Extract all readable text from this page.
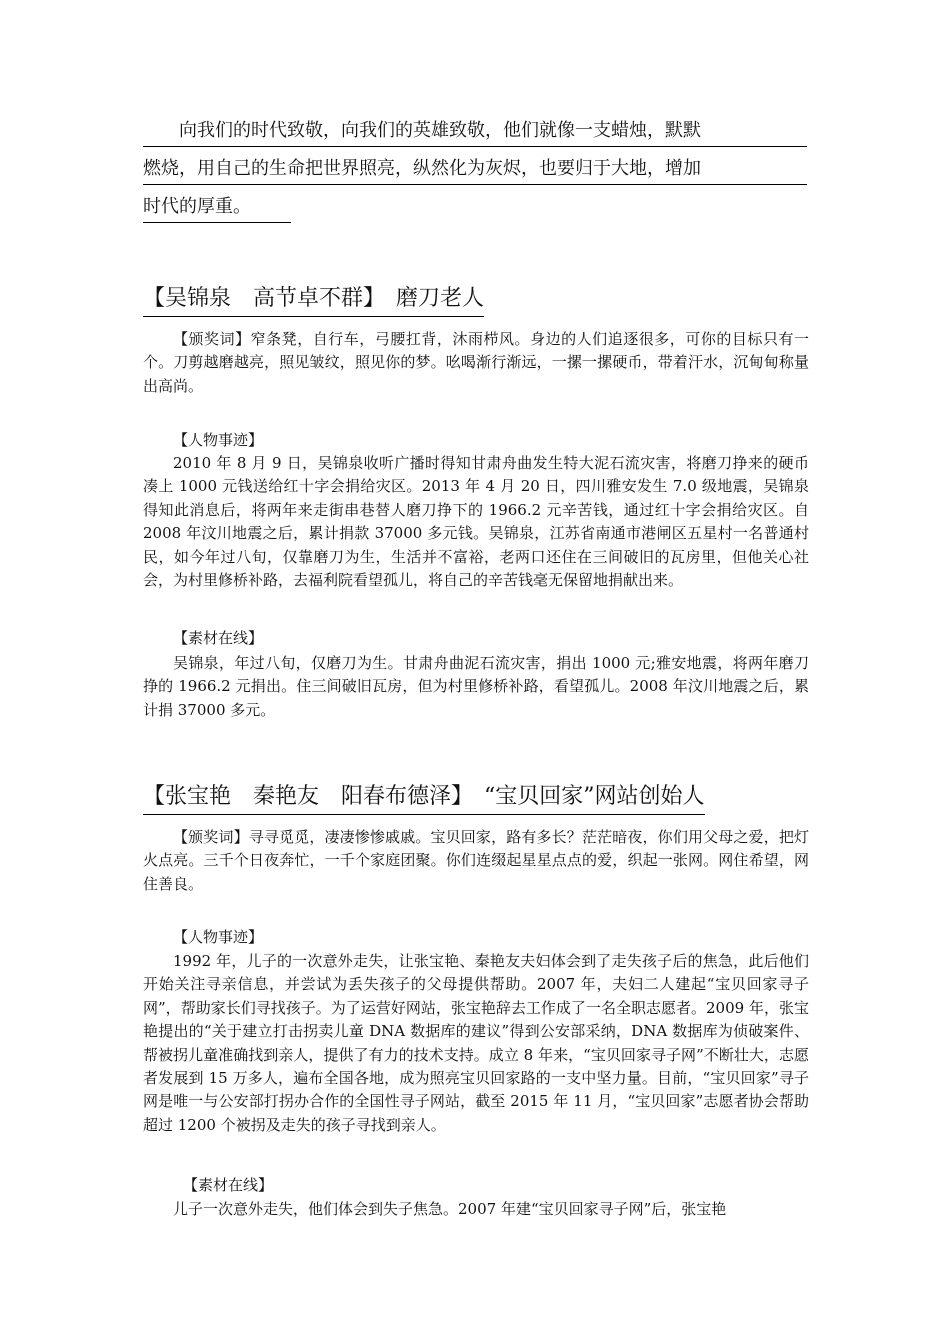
　　向我们的时代致敬，向我们的英雄致敬，他们就像一支蜡烛，默默
燃烧，用自己的生命把世界照亮，纵然化为灰烬，也要归于大地，增加
时代的厚重。
【吴锦泉　高节卓不群】　磨刀老人

【颁奖词】窄条凳，自行车，弓腰扛背，沐雨栉风。身边的人们追逐很多，可你的目标只有一个。刀剪越磨越亮，照见皱纹，照见你的梦。吆喝渐行渐远，一摞一摞硬币，带着汗水，沉甸甸称量出高尚。

【人物事迹】

2010 年 8 月 9 日，吴锦泉收听广播时得知甘肃舟曲发生特大泥石流灾害，将磨刀挣来的硬币凑上 1000 元钱送给红十字会捐给灾区。2013 年 4 月 20 日，四川雅安发生 7.0 级地震，吴锦泉得知此消息后，将两年来走街串巷替人磨刀挣下的 1966.2 元辛苦钱，通过红十字会捐给灾区。自 2008 年汶川地震之后，累计捐款 37000 多元钱。吴锦泉，江苏省南通市港闸区五星村一名普通村民，如今年过八旬，仅靠磨刀为生，生活并不富裕，老两口还住在三间破旧的瓦房里，但他关心社会，为村里修桥补路，去福利院看望孤儿，将自己的辛苦钱毫无保留地捐献出来。

【素材在线】

吴锦泉，年过八旬，仅磨刀为生。甘肃舟曲泥石流灾害，捐出 1000 元;雅安地震，将两年磨刀挣的 1966.2 元捐出。住三间破旧瓦房，但为村里修桥补路，看望孤儿。2008 年汶川地震之后，累计捐 37000 多元。

【张宝艳　秦艳友　阳春布德泽】　“宝贝回家”网站创始人

【颁奖词】寻寻觅觅，凄凄惨惨戚戚。宝贝回家，路有多长？茫茫暗夜，你们用父母之爱，把灯火点亮。三千个日夜奔忙，一千个家庭团聚。你们连缀起星星点点的爱，织起一张网。网住希望，网住善良。

【人物事迹】

1992 年，儿子的一次意外走失，让张宝艳、秦艳友夫妇体会到了走失孩子后的焦急，此后他们开始关注寻亲信息，并尝试为丢失孩子的父母提供帮助。2007 年，夫妇二人建起“宝贝回家寻子网”，帮助家长们寻找孩子。为了运营好网站，张宝艳辞去工作成了一名全职志愿者。2009 年，张宝艳提出的“关于建立打击拐卖儿童 DNA 数据库的建议”得到公安部采纳，DNA 数据库为侦破案件、帮被拐儿童准确找到亲人，提供了有力的技术支持。成立 8 年来，“宝贝回家寻子网”不断壮大，志愿者发展到 15 万多人，遍布全国各地，成为照亮宝贝回家路的一支中坚力量。目前，“宝贝回家”寻子网是唯一与公安部打拐办合作的全国性寻子网站，截至 2015 年 11 月，“宝贝回家”志愿者协会帮助超过 1200 个被拐及走失的孩子寻找到亲人。

【素材在线】

儿子一次意外走失，他们体会到失子焦急。2007 年建“宝贝回家寻子网”后，张宝艳
